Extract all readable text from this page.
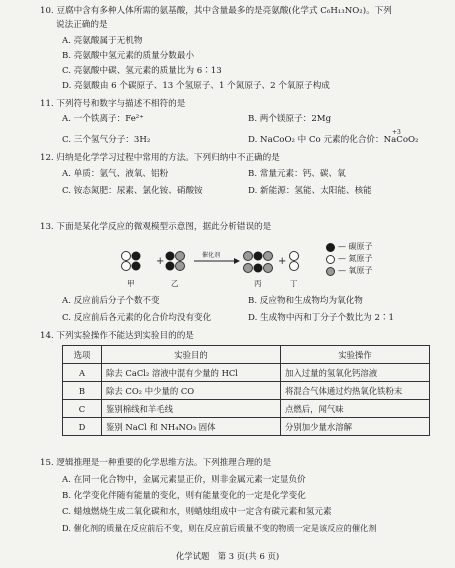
10. 豆腐中含有多种人体所需的氨基酸，其中含量最多的是亮氨酸(化学式 C₆H₁₃NO₂)。下列
说法正确的是
A. 亮氨酸属于无机物
B. 亮氨酸中氢元素的质量分数最小
C. 亮氨酸中碳、氢元素的质量比为 6∶13
D. 亮氨酸由 6 个碳原子、13 个氢原子、1 个氮原子、2 个氧原子构成
11. 下列符号和数字与描述不相符的是
A. 一个铁离子：Fe²⁺	B. 两个镁原子：2Mg
C. 三个氢气分子：3H₂	D. NaCoO₂ 中 Co 元素的化合价：NaCoO₂
+3
12. 归纳是化学学习过程中常用的方法。下列归纳中不正确的是
A. 单质：氩气、液氧、铝粉	B. 常量元素：钙、碳、氧
C. 铵态氮肥：尿素、氯化铵、硝酸铵	D. 新能源：氢能、太阳能、核能
13. 下面是某化学反应的微观模型示意图，据此分析错误的是
+
催化剂
+
甲	乙	丙	丁
— 碳原子
— 氮原子
— 氧原子
A. 反应前后分子个数不变	B. 反应物和生成物均为氧化物
C. 反应前后各元素的化合价均没有变化	D. 生成物中丙和丁分子个数比为 2∶1
14. 下列实验操作不能达到实验目的的是
选项	实验目的	实验操作
A	除去 CaCl₂ 溶液中混有少量的 HCl	加入过量的氢氧化钙溶液
B	除去 CO₂ 中少量的 CO	将混合气体通过灼热氧化铁粉末
C	鉴别棉线和羊毛线	点燃后，闻气味
D	鉴别 NaCl 和 NH₄NO₃ 固体	分别加少量水溶解
15. 逻辑推理是一种重要的化学思维方法。下列推理合理的是
A. 在同一化合物中，金属元素显正价，则非金属元素一定显负价
B. 化学变化伴随有能量的变化，则有能量变化的一定是化学变化
C. 蜡烛燃烧生成二氧化碳和水，则蜡烛组成中一定含有碳元素和氢元素
D. 催化剂的质量在反应前后不变，则在反应前后质量不变的物质一定是该反应的催化剂
化学试题　第 3 页(共 6 页)
